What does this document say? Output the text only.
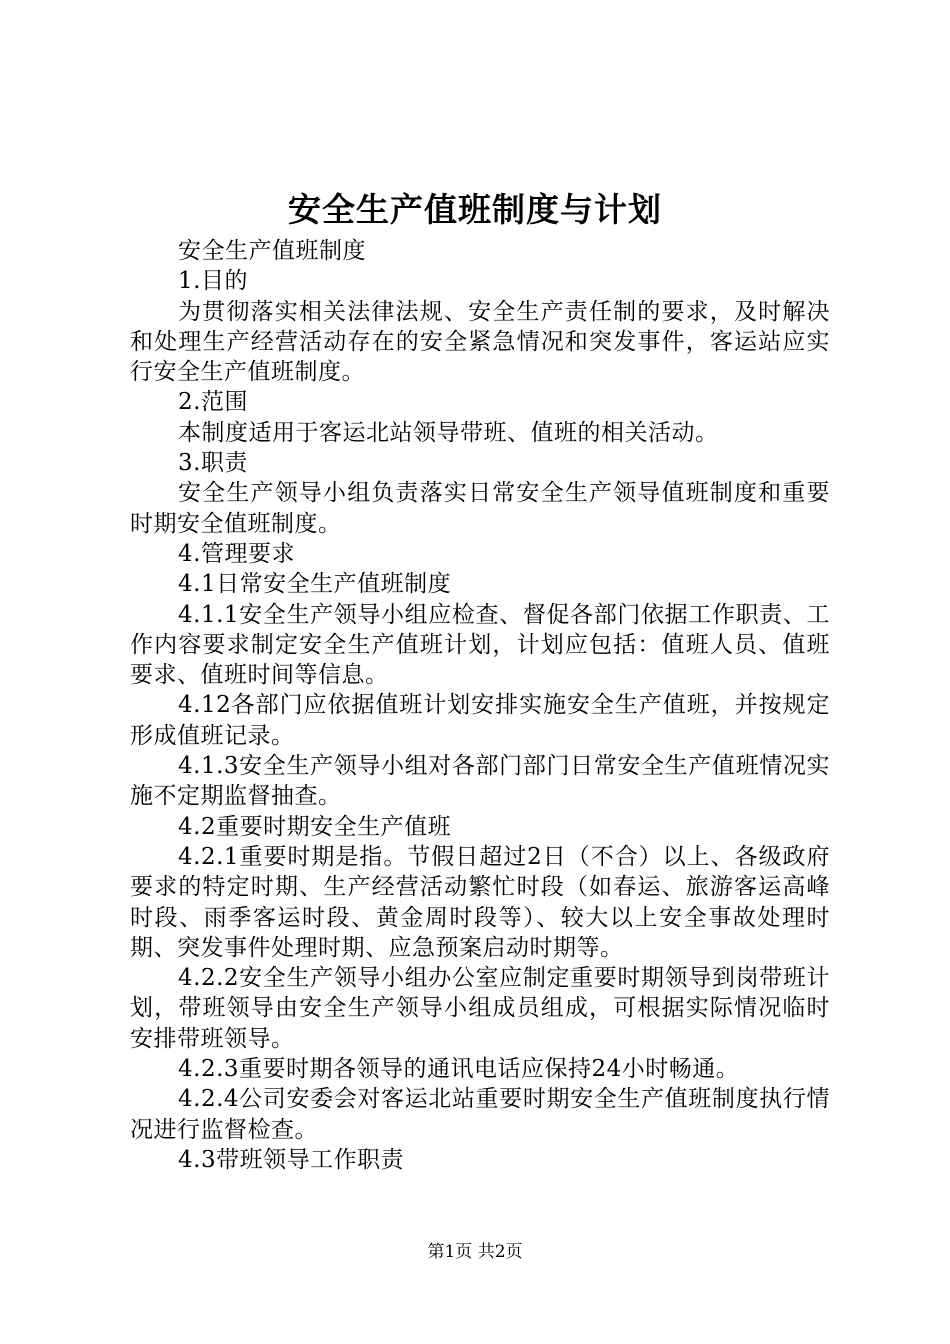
安全生产值班制度与计划

安全生产值班制度

1.目的

为贯彻落实相关法律法规、安全生产责任制的要求，及时解决和处理生产经营活动存在的安全紧急情况和突发事件，客运站应实行安全生产值班制度。

2.范围

本制度适用于客运北站领导带班、值班的相关活动。

3.职责

安全生产领导小组负责落实日常安全生产领导值班制度和重要时期安全值班制度。

4.管理要求

4.1日常安全生产值班制度

4.1.1安全生产领导小组应检查、督促各部门依据工作职责、工作内容要求制定安全生产值班计划，计划应包括：值班人员、值班要求、值班时间等信息。

4.12各部门应依据值班计划安排实施安全生产值班，并按规定形成值班记录。

4.1.3安全生产领导小组对各部门部门日常安全生产值班情况实施不定期监督抽查。

4.2重要时期安全生产值班

4.2.1重要时期是指。节假日超过2日（不合）以上、各级政府要求的特定时期、生产经营活动繁忙时段（如春运、旅游客运高峰时段、雨季客运时段、黄金周时段等）、较大以上安全事故处理时期、突发事件处理时期、应急预案启动时期等。

4.2.2安全生产领导小组办公室应制定重要时期领导到岗带班计划，带班领导由安全生产领导小组成员组成，可根据实际情况临时安排带班领导。

4.2.3重要时期各领导的通讯电话应保持24小时畅通。

4.2.4公司安委会对客运北站重要时期安全生产值班制度执行情况进行监督检查。

4.3带班领导工作职责

第1页 共2页
